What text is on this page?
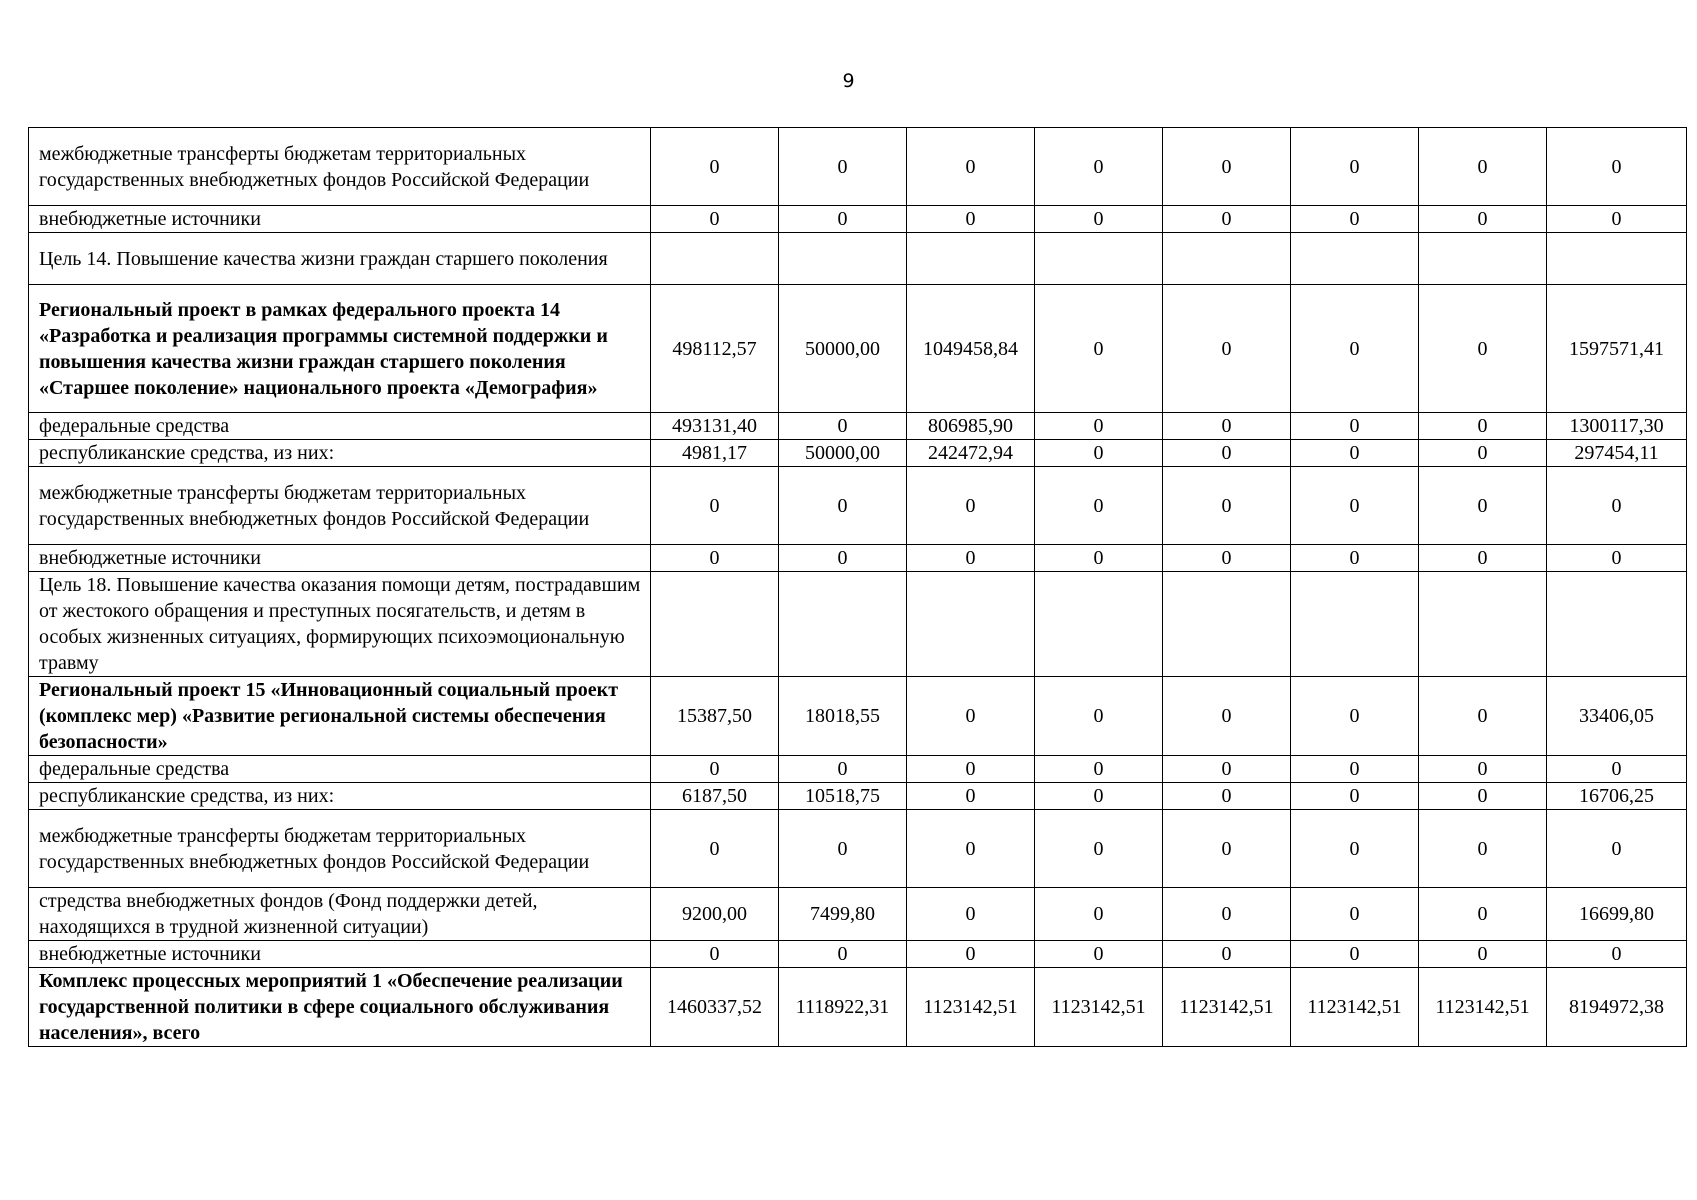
9
межбюджетные трансферты бюджетам территориальных государственных внебюджетных фондов Российской Федерации	0	0	0	0	0	0	0	0
внебюджетные источники	0	0	0	0	0	0	0	0
Цель 14. Повышение качества жизни граждан старшего поколения								
Региональный проект в рамках федерального проекта 14 «Разработка и реализация программы системной поддержки и повышения качества жизни граждан старшего поколения «Старшее поколение» национального проекта «Демография»	498112,57	50000,00	1049458,84	0	0	0	0	1597571,41
федеральные средства	493131,40	0	806985,90	0	0	0	0	1300117,30
республиканские средства, из них:	4981,17	50000,00	242472,94	0	0	0	0	297454,11
межбюджетные трансферты бюджетам территориальных государственных внебюджетных фондов Российской Федерации	0	0	0	0	0	0	0	0
внебюджетные источники	0	0	0	0	0	0	0	0
Цель 18. Повышение качества оказания помощи детям, пострадавшим от жестокого обращения и преступных посягательств, и детям в особых жизненных ситуациях, формирующих психоэмоциональную травму								
Региональный проект 15 «Инновационный социальный проект (комплекс мер) «Развитие региональной системы обеспечения безопасности»	15387,50	18018,55	0	0	0	0	0	33406,05
федеральные средства	0	0	0	0	0	0	0	0
республиканские средства, из них:	6187,50	10518,75	0	0	0	0	0	16706,25
межбюджетные трансферты бюджетам территориальных государственных внебюджетных фондов Российской Федерации	0	0	0	0	0	0	0	0
стредства внебюджетных фондов (Фонд поддержки детей, находящихся в трудной жизненной ситуации)	9200,00	7499,80	0	0	0	0	0	16699,80
внебюджетные источники	0	0	0	0	0	0	0	0
Комплекс процессных мероприятий 1 «Обеспечение реализации государственной политики в сфере социального обслуживания населения», всего	1460337,52	1118922,31	1123142,51	1123142,51	1123142,51	1123142,51	1123142,51	8194972,38
